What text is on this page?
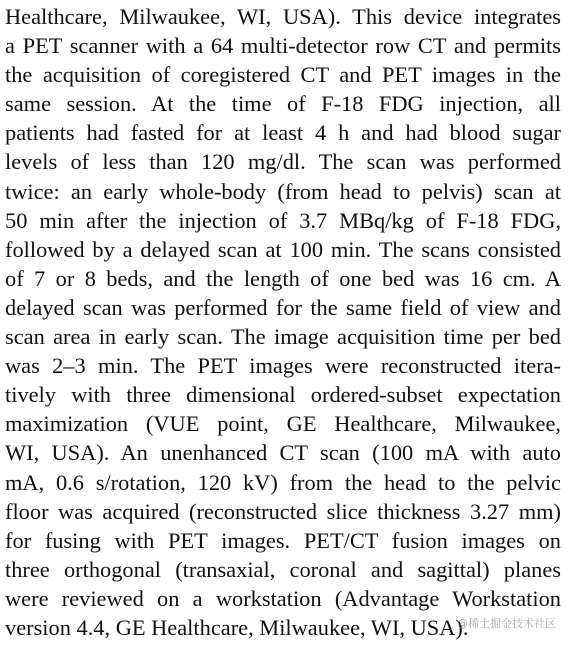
Healthcare, Milwaukee, WI, USA). This device integrates
a PET scanner with a 64 multi-detector row CT and permits
the acquisition of coregistered CT and PET images in the
same session. At the time of F-18 FDG injection, all
patients had fasted for at least 4 h and had blood sugar
levels of less than 120 mg/dl. The scan was performed
twice: an early whole-body (from head to pelvis) scan at
50 min after the injection of 3.7 MBq/kg of F-18 FDG,
followed by a delayed scan at 100 min. The scans consisted
of 7 or 8 beds, and the length of one bed was 16 cm. A
delayed scan was performed for the same field of view and
scan area in early scan. The image acquisition time per bed
was 2–3 min. The PET images were reconstructed itera-
tively with three dimensional ordered-subset expectation
maximization (VUE point, GE Healthcare, Milwaukee,
WI, USA). An unenhanced CT scan (100 mA with auto
mA, 0.6 s/rotation, 120 kV) from the head to the pelvic
floor was acquired (reconstructed slice thickness 3.27 mm)
for fusing with PET images. PET/CT fusion images on
three orthogonal (transaxial, coronal and sagittal) planes
were reviewed on a workstation (Advantage Workstation
version 4.4, GE Healthcare, Milwaukee, WI, USA).
@稀土掘金技术社区
